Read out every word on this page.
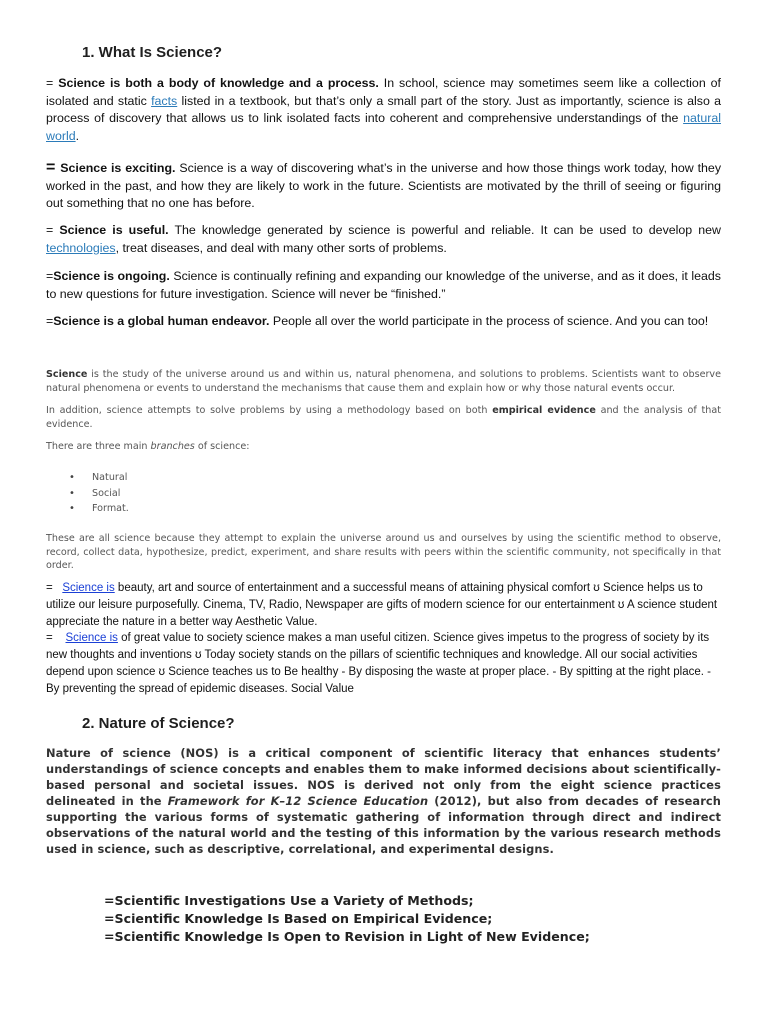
1. What Is Science?

= Science is both a body of knowledge and a process. In school, science may sometimes seem like a collection of isolated and static facts listed in a textbook, but that’s only a small part of the story. Just as importantly, science is also a process of discovery that allows us to link isolated facts into coherent and comprehensive understandings of the natural world.

= Science is exciting. Science is a way of discovering what’s in the universe and how those things work today, how they worked in the past, and how they are likely to work in the future. Scientists are motivated by the thrill of seeing or figuring out something that no one has before.

= Science is useful. The knowledge generated by science is powerful and reliable. It can be used to develop new technologies, treat diseases, and deal with many other sorts of problems.

=Science is ongoing. Science is continually refining and expanding our knowledge of the universe, and as it does, it leads to new questions for future investigation. Science will never be “finished.”

=Science is a global human endeavor. People all over the world participate in the process of science. And you can too!

Science is the study of the universe around us and within us, natural phenomena, and solutions to problems. Scientists want to observe natural phenomena or events to understand the mechanisms that cause them and explain how or why those natural events occur.

In addition, science attempts to solve problems by using a methodology based on both empirical evidence and the analysis of that evidence.

There are three main branches of science:

• Natural
• Social
• Format.

These are all science because they attempt to explain the universe around us and ourselves by using the scientific method to observe, record, collect data, hypothesize, predict, experiment, and share results with peers within the scientific community, not specifically in that order.

= Science is beauty, art and source of entertainment and a successful means of attaining physical comfort ʊ Science helps us to utilize our leisure purposefully. Cinema, TV, Radio, Newspaper are gifts of modern science for our entertainment ʊ A science student appreciate the nature in a better way Aesthetic Value.

= Science is of great value to society science makes a man useful citizen. Science gives impetus to the progress of society by its new thoughts and inventions ʊ Today society stands on the pillars of scientific techniques and knowledge. All our social activities depend upon science ʊ Science teaches us to Be healthy - By disposing the waste at proper place. - By spitting at the right place. - By preventing the spread of epidemic diseases. Social Value

2. Nature of Science?

Nature of science (NOS) is a critical component of scientific literacy that enhances students’ understandings of science concepts and enables them to make informed decisions about scientifically-based personal and societal issues. NOS is derived not only from the eight science practices delineated in the Framework for K–12 Science Education (2012), but also from decades of research supporting the various forms of systematic gathering of information through direct and indirect observations of the natural world and the testing of this information by the various research methods used in science, such as descriptive, correlational, and experimental designs.

=Scientific Investigations Use a Variety of Methods;
=Scientific Knowledge Is Based on Empirical Evidence;
=Scientific Knowledge Is Open to Revision in Light of New Evidence;
